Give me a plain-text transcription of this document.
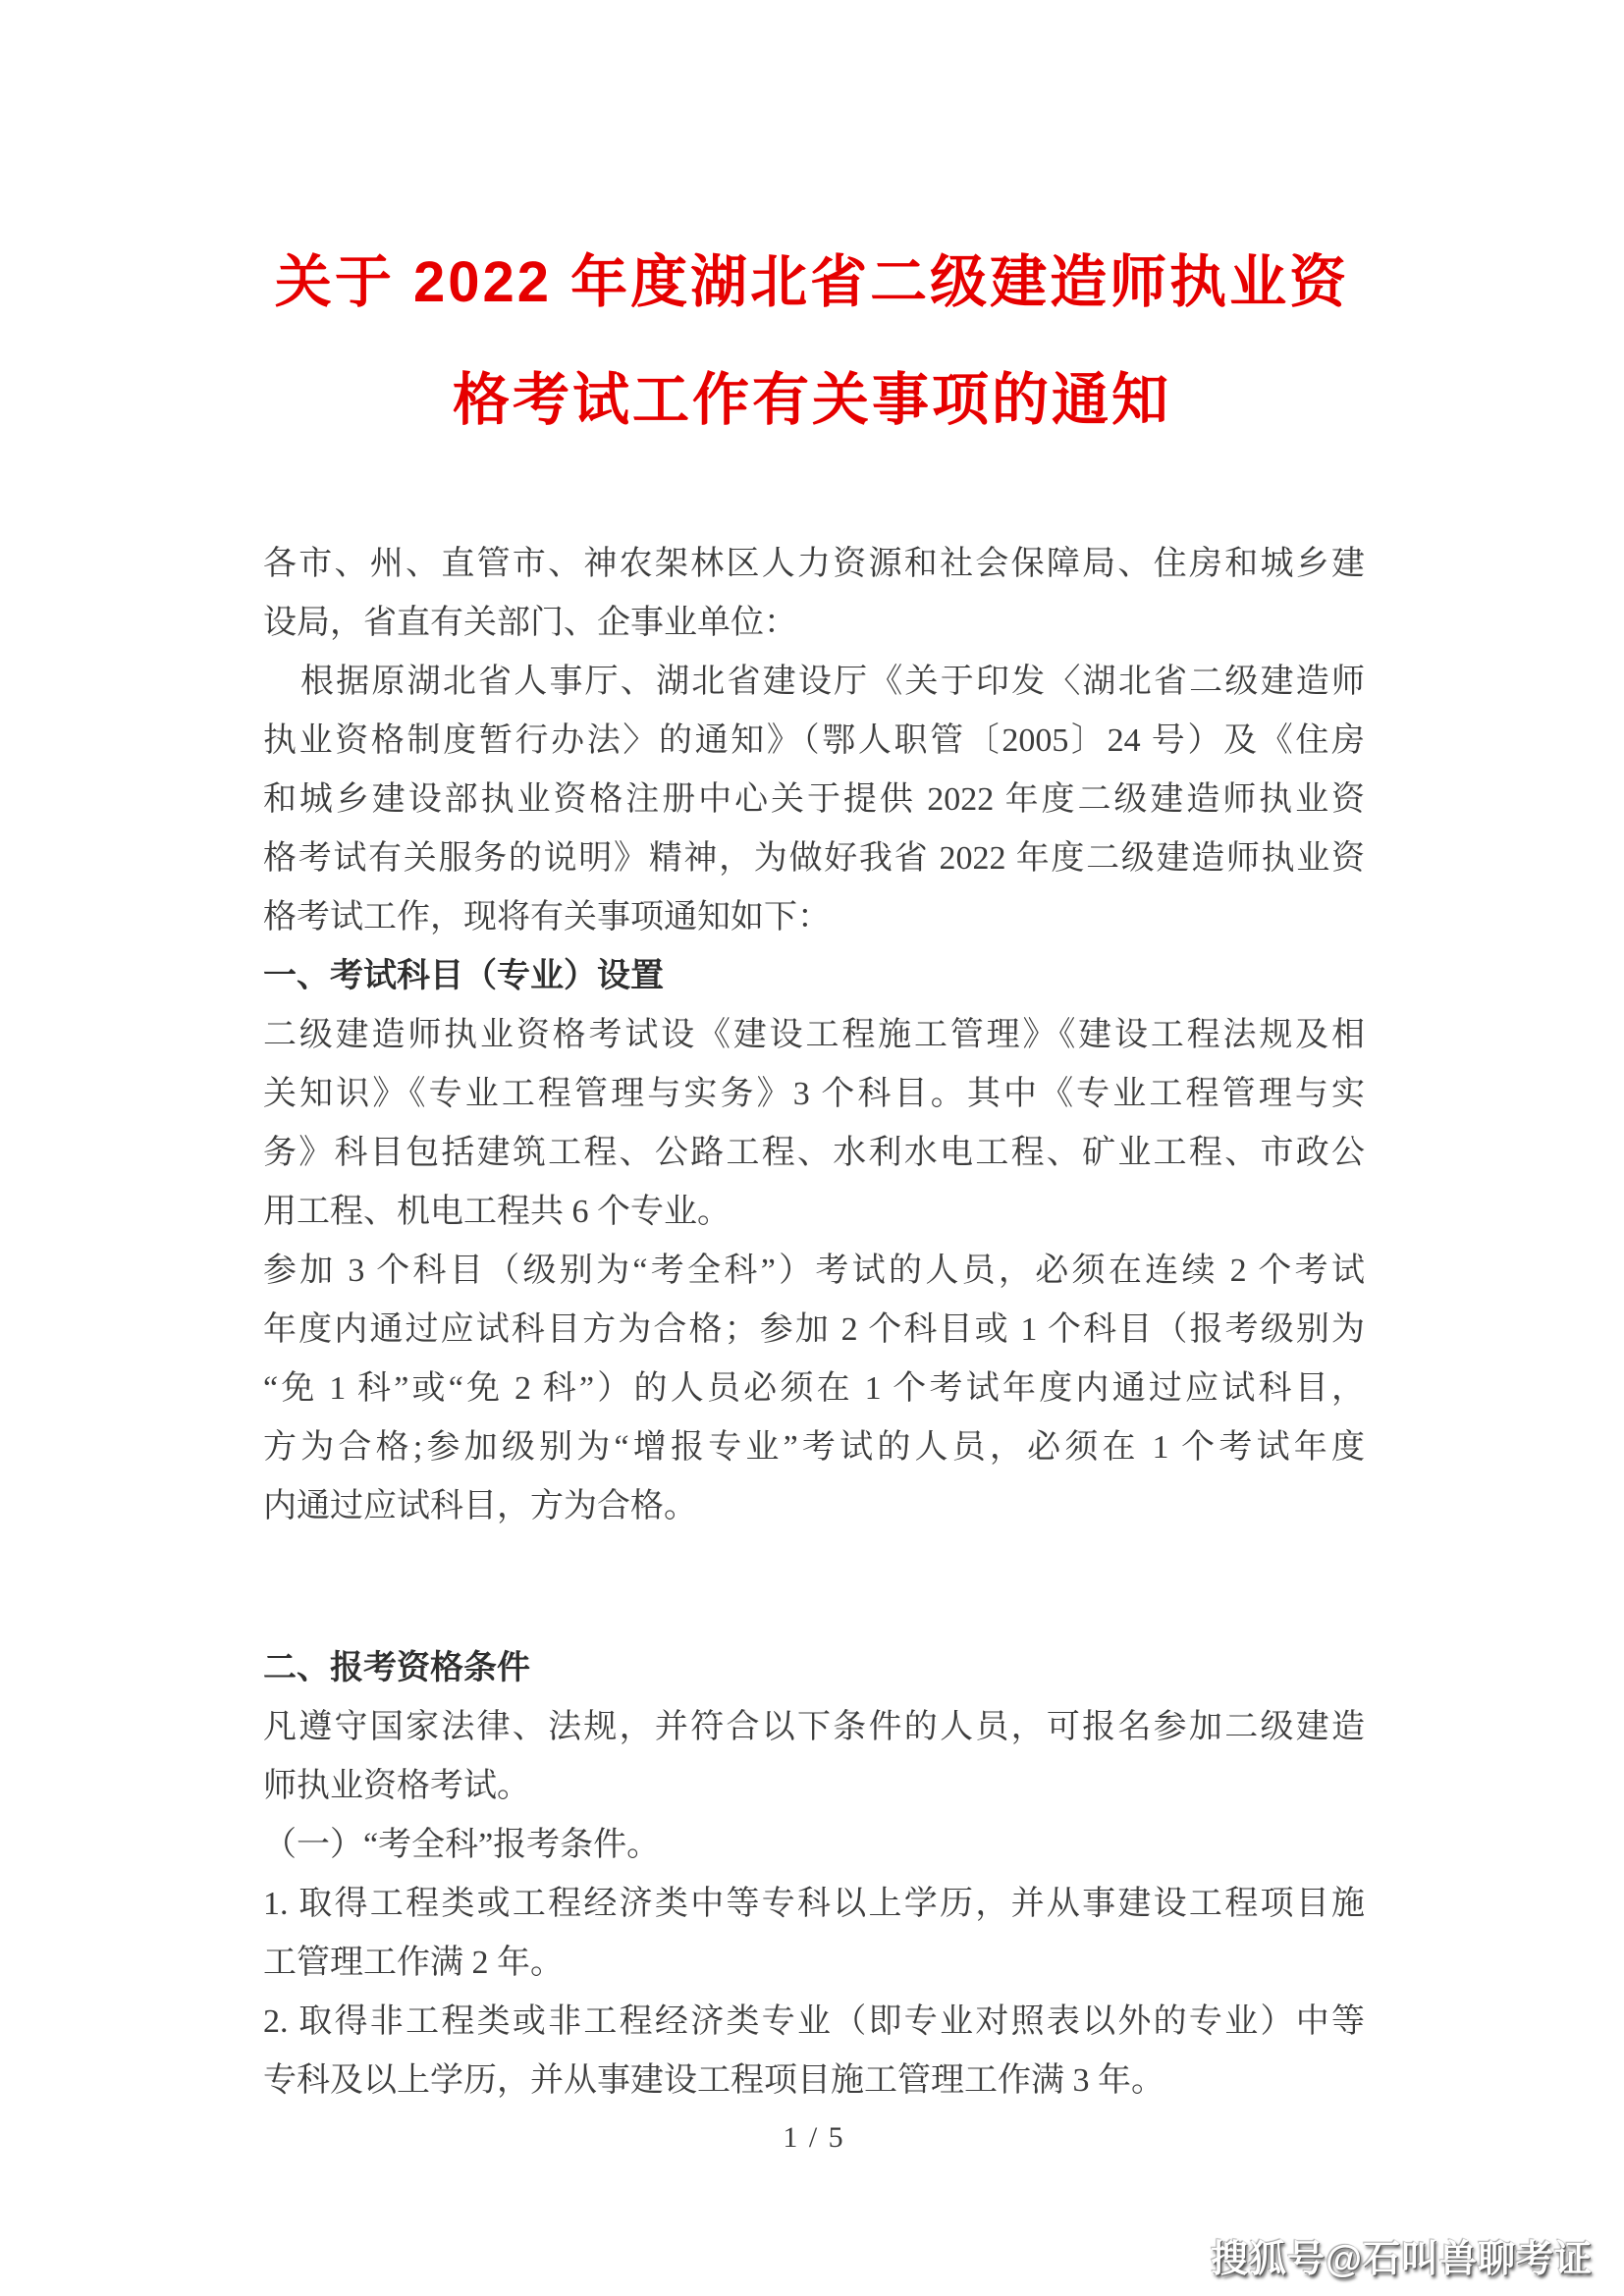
关于 2022 年度湖北省二级建造师执业资
格考试工作有关事项的通知
各市、州、直管市、神农架林区人力资源和社会保障局、住房和城乡建
设局，省直有关部门、企事业单位：
根据原湖北省人事厅、湖北省建设厅《关于印发〈湖北省二级建造师
执业资格制度暂行办法〉的通知》（鄂人职管〔2005〕24 号）及《住房
和城乡建设部执业资格注册中心关于提供 2022 年度二级建造师执业资
格考试有关服务的说明》精神，为做好我省 2022 年度二级建造师执业资
格考试工作，现将有关事项通知如下：
一、考试科目（专业）设置
二级建造师执业资格考试设《建设工程施工管理》《建设工程法规及相
关知识》《专业工程管理与实务》3 个科目。其中《专业工程管理与实
务》科目包括建筑工程、公路工程、水利水电工程、矿业工程、市政公
用工程、机电工程共 6 个专业。
参加 3 个科目（级别为“考全科”）考试的人员，必须在连续 2 个考试
年度内通过应试科目方为合格；参加 2 个科目或 1 个科目（报考级别为
“免 1 科”或“免 2 科”）的人员必须在 1 个考试年度内通过应试科目，
方为合格;参加级别为“增报专业”考试的人员，必须在 1 个考试年度
内通过应试科目，方为合格。
二、报考资格条件
凡遵守国家法律、法规，并符合以下条件的人员，可报名参加二级建造
师执业资格考试。
（一）“考全科”报考条件。
1. 取得工程类或工程经济类中等专科以上学历，并从事建设工程项目施
工管理工作满 2 年。
2. 取得非工程类或非工程经济类专业（即专业对照表以外的专业）中等
专科及以上学历，并从事建设工程项目施工管理工作满 3 年。
1 / 5
搜狐号@石叫兽聊考证
